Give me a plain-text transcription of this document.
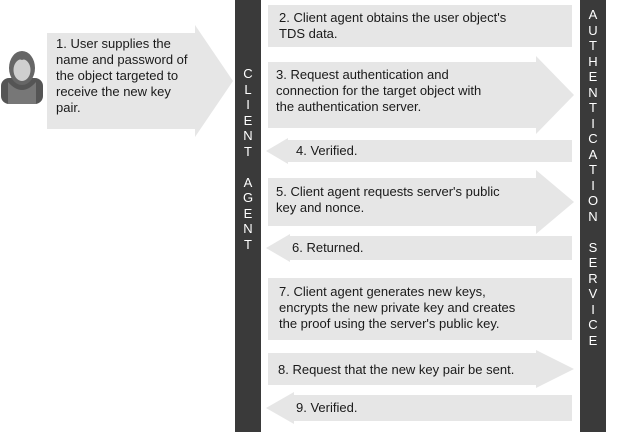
1. User supplies the
name and password of
the object targeted to
receive the new key
pair.
C
L
I
E
N
T
A
G
E
N
T
A
U
T
H
E
N
T
I
C
A
T
I
O
N
S
E
R
V
I
C
E
2. Client agent obtains the user object's
TDS data.
3. Request authentication and
connection for the target object with
the authentication server.
4. Verified.
5. Client agent requests server's public
key and nonce.
6. Returned.
7. Client agent generates new keys,
encrypts the new private key and creates
the proof using the server's public key.
8. Request that the new key pair be sent.
9. Verified.
